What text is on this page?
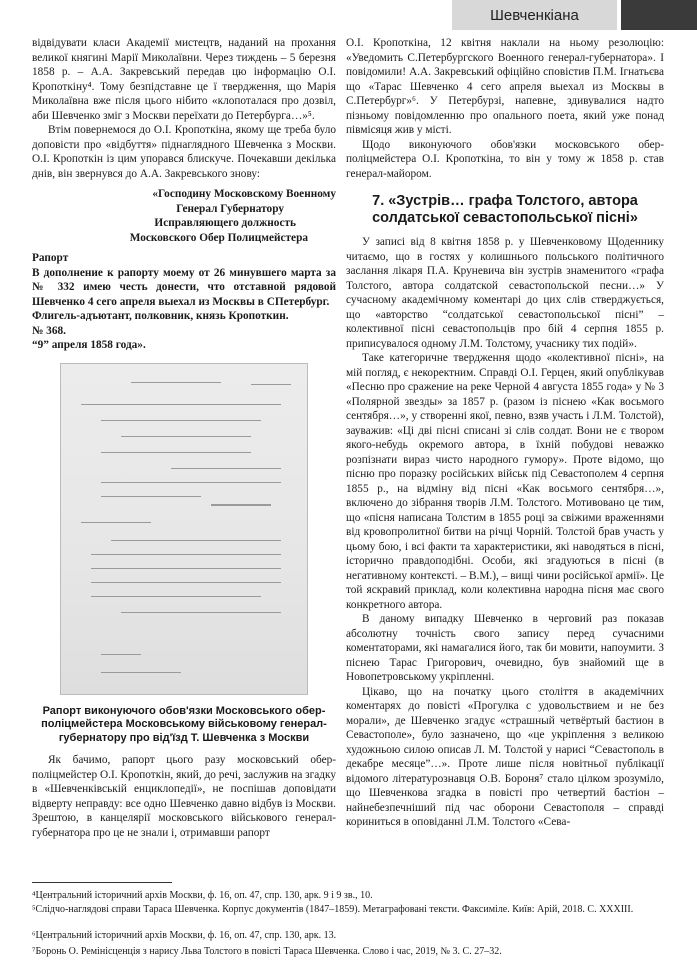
Шевченкіана

відвідувати класи Академії мистецтв, наданий на прохання великої княгині Марії Миколаївни. Через тиждень – 5 березня 1858 р. – А.А. Закревський передав цю інформацію О.І. Кропоткіну⁴. Тому безпідставне це ї твердження, що Марія Миколаївна вже після цього нібито «клопоталася про дозвіл, аби Шевченко зміг з Москви переїхати до Петербурга…»⁵.

Втім повернемося до О.І. Кропоткіна, якому ще треба було доповісти про «відбуття» піднаглядного Шевченка з Москви. О.І. Кропоткін із цим упорався блискуче. Почекавши декілька днів, він звернувся до А.А. Закревського знову:

«Господину Московскому Военному

Генерал Губернатору

Исправляющего должность

Московского Обер Полицмейстера

Рапорт

В дополнение к рапорту моему от 26 минувшего марта за № 332 имею честь донести, что отставной рядовой Шевченко 4 сего апреля выехал из Москвы в СПетербург.

Флигель-адъютант, полковник, князь Кропоткин.

№ 368.

“9” апреля 1858 года».

Рапорт виконуючого обов'язки Московського обер-поліцмейстера Московському військовому генерал-губернатору про від'їзд Т. Шевченка з Москви

Як бачимо, рапорт цього разу московський обер-поліцмейстер О.І. Кропоткін, який, до речі, заслужив на згадку в «Шевченківській енциклопедії», не поспішав доповідати відверту неправду: все одно Шевченко давно відбув із Москви. Зрештою, в канцелярії московського військового генерал-губернатора про це не знали і, отримавши рапорт

О.І. Кропоткіна, 12 квітня наклали на ньому резолюцію: «Уведомить С.Петербургского Военного генерал-губернатора». І повідомили! А.А. Закревський офіційно сповістив П.М. Ігнатьєва що «Тарас Шевченко 4 сего апреля выехал из Москвы в С.Петербург»⁶. У Петербурзі, напевне, здивувалися надто пізньому повідомленню про опального поета, який уже понад півмісяця жив у місті.

Щодо виконуючого обов'язки московського обер-поліцмейстера О.І. Кропоткіна, то він у тому ж 1858 р. став генерал-майором.

7. «Зустрів… графа Толстого, автора солдатської севастопольської пісні»

У записі від 8 квітня 1858 р. у Шевченковому Щоденнику читаємо, що в гостях у колишнього польського політичного заслання лікаря П.А. Круневича він зустрів знаменитого «графа Толстого, автора солдатской севастопольской песни…» У сучасному академічному коментарі до цих слів стверджується, що «авторство “солдатської севастопольської пісні” – колективної пісні севастопольців про бій 4 серпня 1855 р. приписувалося одному Л.М. Толстому, учаснику тих подій».

Таке категоричне твердження щодо «колективної пісні», на мій погляд, є некоректним. Справді О.І. Герцен, який опублікував «Песню про сражение на реке Черной 4 августа 1855 года» у № 3 «Полярной звезды» за 1857 р. (разом із піснею «Как восьмого сентября…», у створенні якої, певно, взяв участь і Л.М. Толстой), зауважив: «Ці дві пісні списані зі слів солдат. Вони не є твором якого-небудь окремого автора, в їхній побудові неважко розпізнати вираз чисто народного гумору». Проте відомо, що пісню про поразку російських військ під Севастополем 4 серпня 1855 р., на відміну від пісні «Как восьмого сентября…», включено до зібрання творів Л.М. Толстого. Мотивовано це тим, що «пісня написана Толстим в 1855 році за свіжими враженнями від кровопролитної битви на річці Чорній. Толстой брав участь у цьому бою, і всі факти та характеристики, які наводяться в пісні, історично правдоподібні. Особи, які згадуються в пісні (в негативному контексті. – В.М.), – вищі чини російської армії». Це той яскравий приклад, коли колективна народна пісня має свого конкретного автора.

В даному випадку Шевченко в черговий раз показав абсолютну точність свого запису перед сучасними коментаторами, які намагалися його, так би мовити, напоумити. З піснею Тарас Григорович, очевидно, був знайомий ще в Новопетровському укріпленні.

Цікаво, що на початку цього століття в академічних коментарях до повісті «Прогулка с удовольствием и не без морали», де Шевченко згадує «страшный четвёртый бастион в Севастополе», було зазначено, що «це укріплення з великою художньою силою описав Л. М. Толстой у нарисі “Севастополь в декабре месяце”…». Проте лише після новітньої публікації відомого літературознавця О.В. Бороня⁷ стало цілком зрозуміло, що Шевченкова згадка в повісті про четвертий бастіон – найнебезпечніший під час оборони Севастополя – справді кориниться в оповіданні Л.М. Толстого «Сева-

⁴Центральний історичний архів Москви, ф. 16, оп. 47, спр. 130, арк. 9 і 9 зв., 10.

⁵Слідчо-наглядові справи Тараса Шевченка. Корпус документів (1847–1859). Метаграфовані тексти. Факсиміле. Київ: Арій, 2018. С. XXXIII.

⁶Центральний історичний архів Москви, ф. 16, оп. 47, спр. 130, арк. 13.

⁷Боронь О. Ремінісценція з нарису Льва Толстого в повісті Тараса Шевченка. Слово і час, 2019, № 3. С. 27–32.
